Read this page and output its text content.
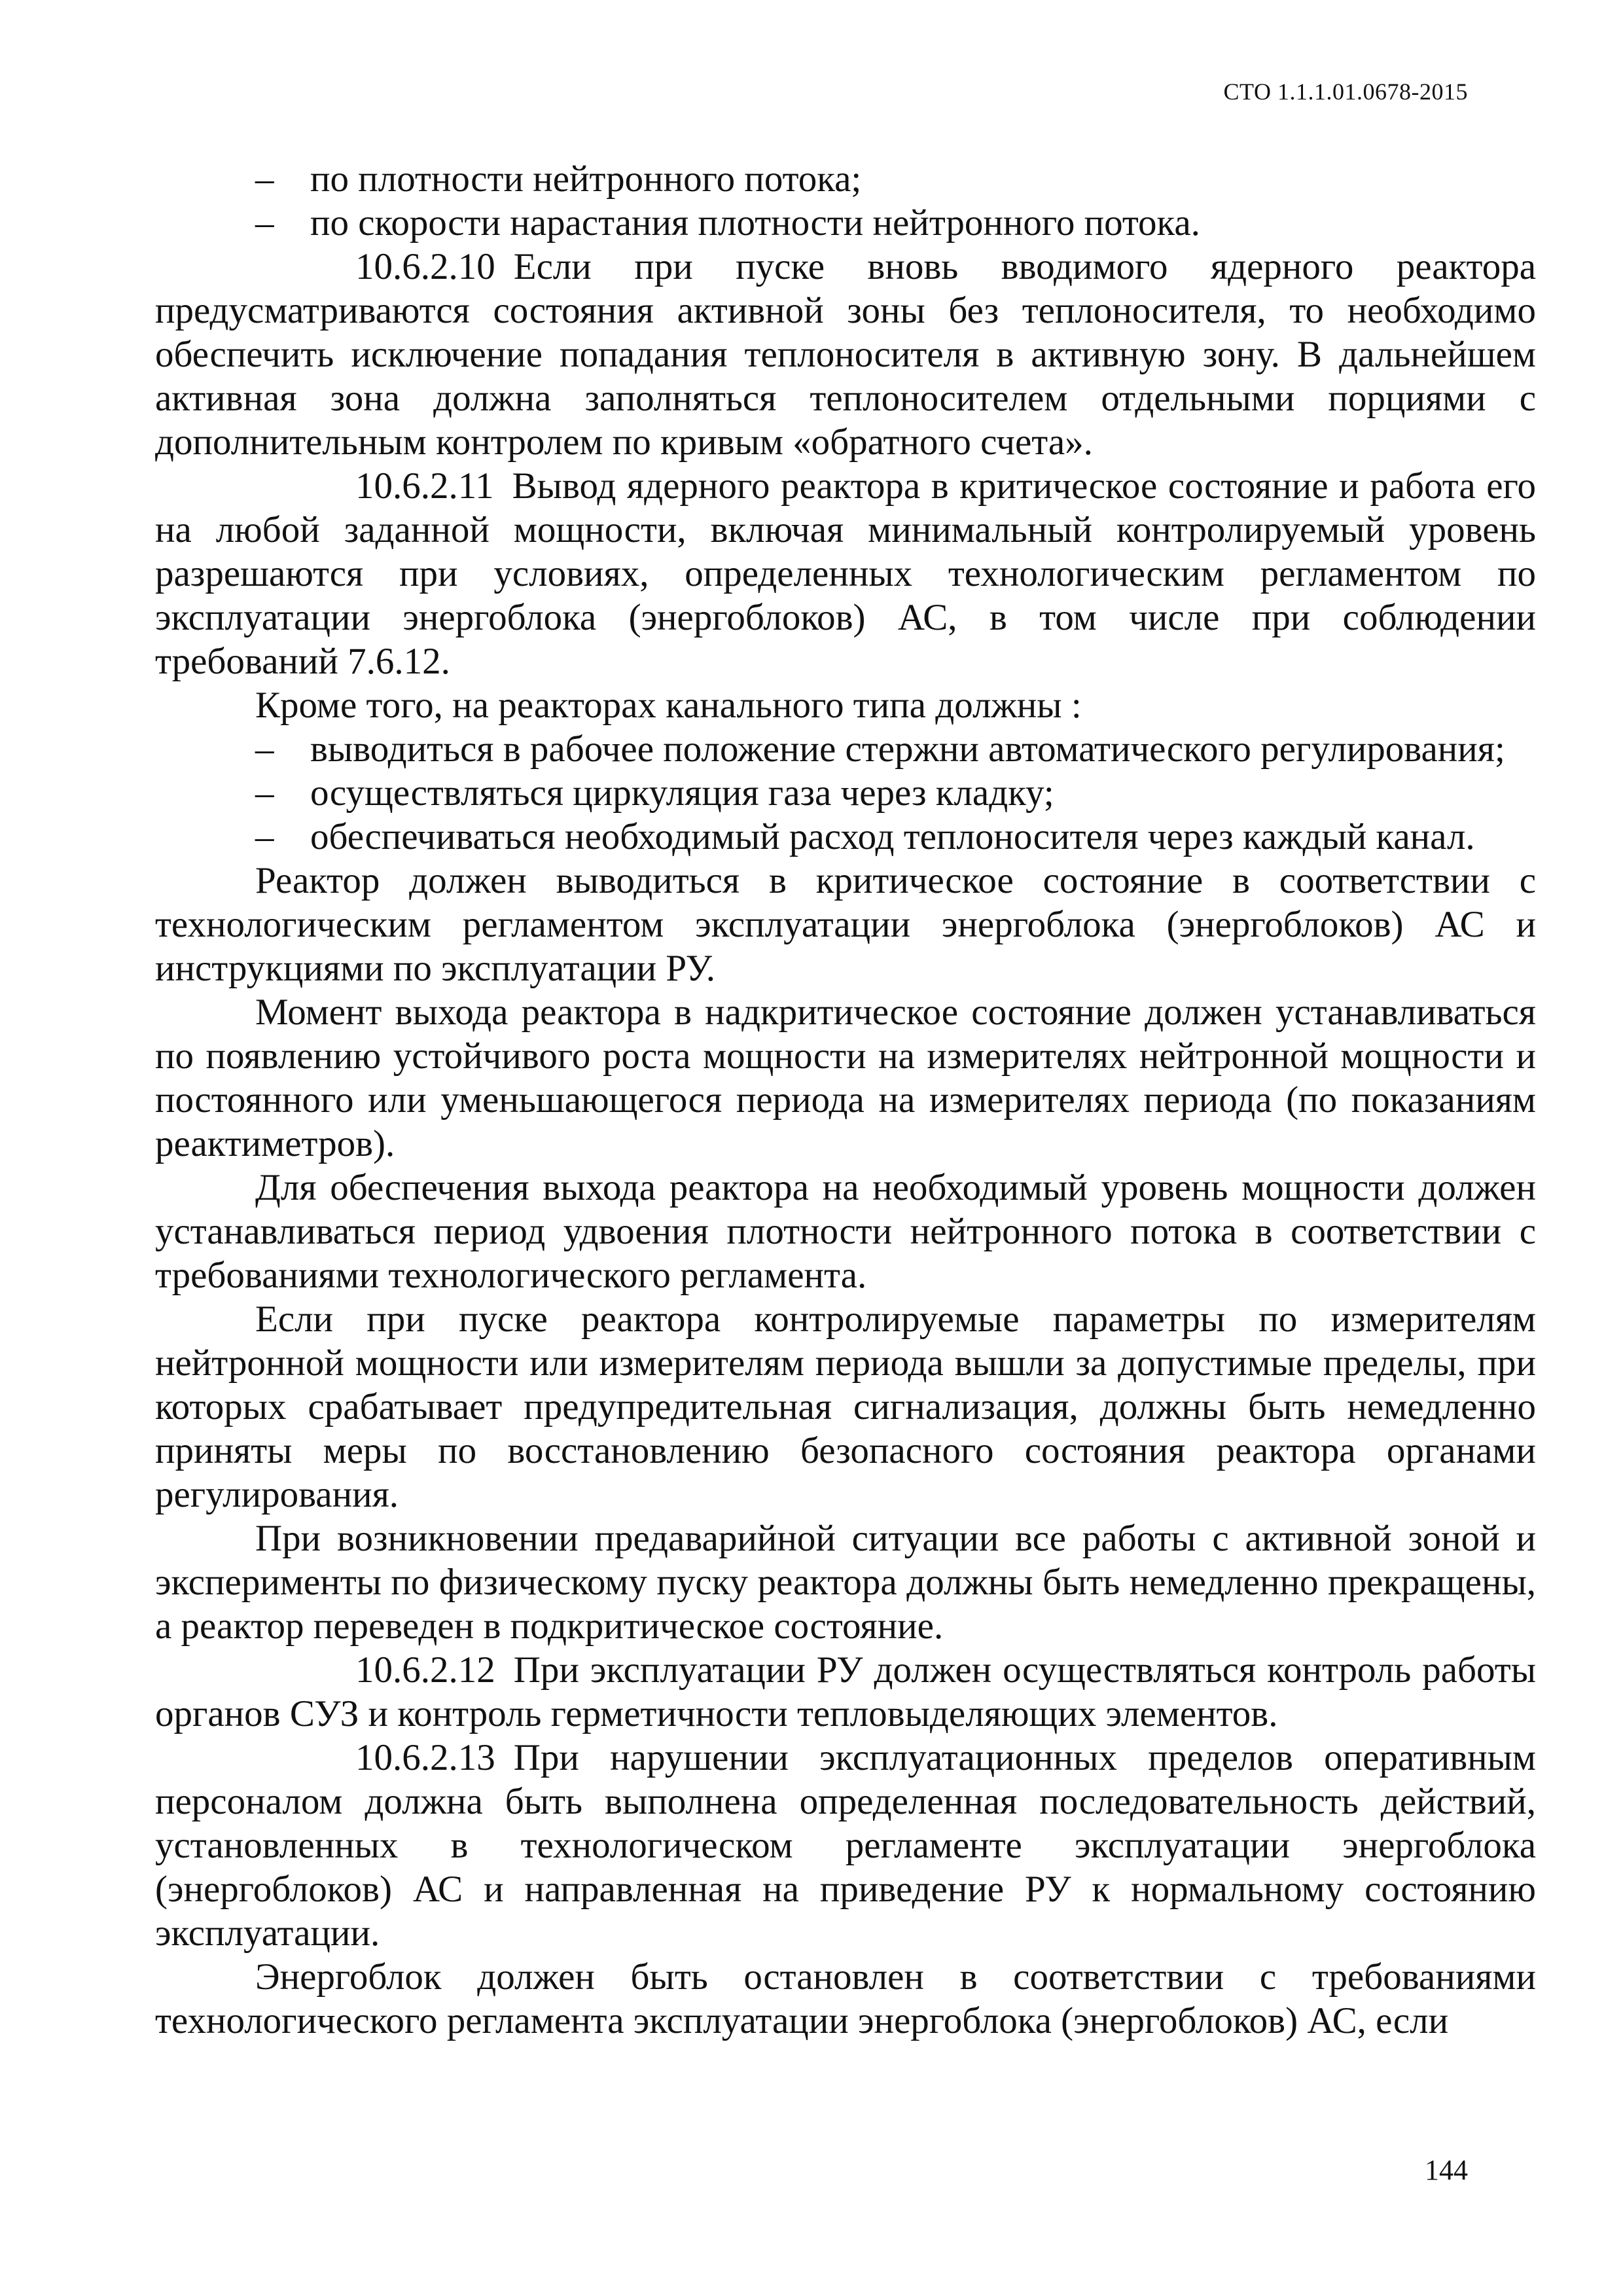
СТО 1.1.1.01.0678-2015

– по плотности нейтронного потока;

– по скорости нарастания плотности нейтронного потока.

10.6.2.10 Если при пуске вновь вводимого ядерного реактора предусматриваются состояния активной зоны без теплоносителя, то необходимо обеспечить исключение попадания теплоносителя в активную зону. В дальнейшем активная зона должна заполняться теплоносителем отдельными порциями с дополнительным контролем по кривым «обратного счета».

10.6.2.11 Вывод ядерного реактора в критическое состояние и работа его на любой заданной мощности, включая минимальный контролируемый уровень разрешаются при условиях, определенных технологическим регламентом по эксплуатации энергоблока (энергоблоков) АС, в том числе при соблюдении требований 7.6.12.

Кроме того, на реакторах канального типа должны :

– выводиться в рабочее положение стержни автоматического регулирования;

– осуществляться циркуляция газа через кладку;

– обеспечиваться необходимый расход теплоносителя через каждый канал.

Реактор должен выводиться в критическое состояние в соответствии с технологическим регламентом эксплуатации энергоблока (энергоблоков) АС и инструкциями по эксплуатации РУ.

Момент выхода реактора в надкритическое состояние должен устанавливаться по появлению устойчивого роста мощности на измерителях нейтронной мощности и постоянного или уменьшающегося периода на измерителях периода (по показаниям реактиметров).

Для обеспечения выхода реактора на необходимый уровень мощности должен устанавливаться период удвоения плотности нейтронного потока в соответствии с требованиями технологического регламента.

Если при пуске реактора контролируемые параметры по измерителям нейтронной мощности или измерителям периода вышли за допустимые пределы, при которых срабатывает предупредительная сигнализация, должны быть немедленно приняты меры по восстановлению безопасного состояния реактора органами регулирования.

При возникновении предаварийной ситуации все работы с активной зоной и эксперименты по физическому пуску реактора должны быть немедленно прекращены, а реактор переведен в подкритическое состояние.

10.6.2.12 При эксплуатации РУ должен осуществляться контроль работы органов СУЗ и контроль герметичности тепловыделяющих элементов.

10.6.2.13 При нарушении эксплуатационных пределов оперативным персоналом должна быть выполнена определенная последовательность действий, установленных в технологическом регламенте эксплуатации энергоблока (энергоблоков) АС и направленная на приведение РУ к нормальному состоянию эксплуатации.

Энергоблок должен быть остановлен в соответствии с требованиями технологического регламента эксплуатации энергоблока (энергоблоков) АС, если

144
